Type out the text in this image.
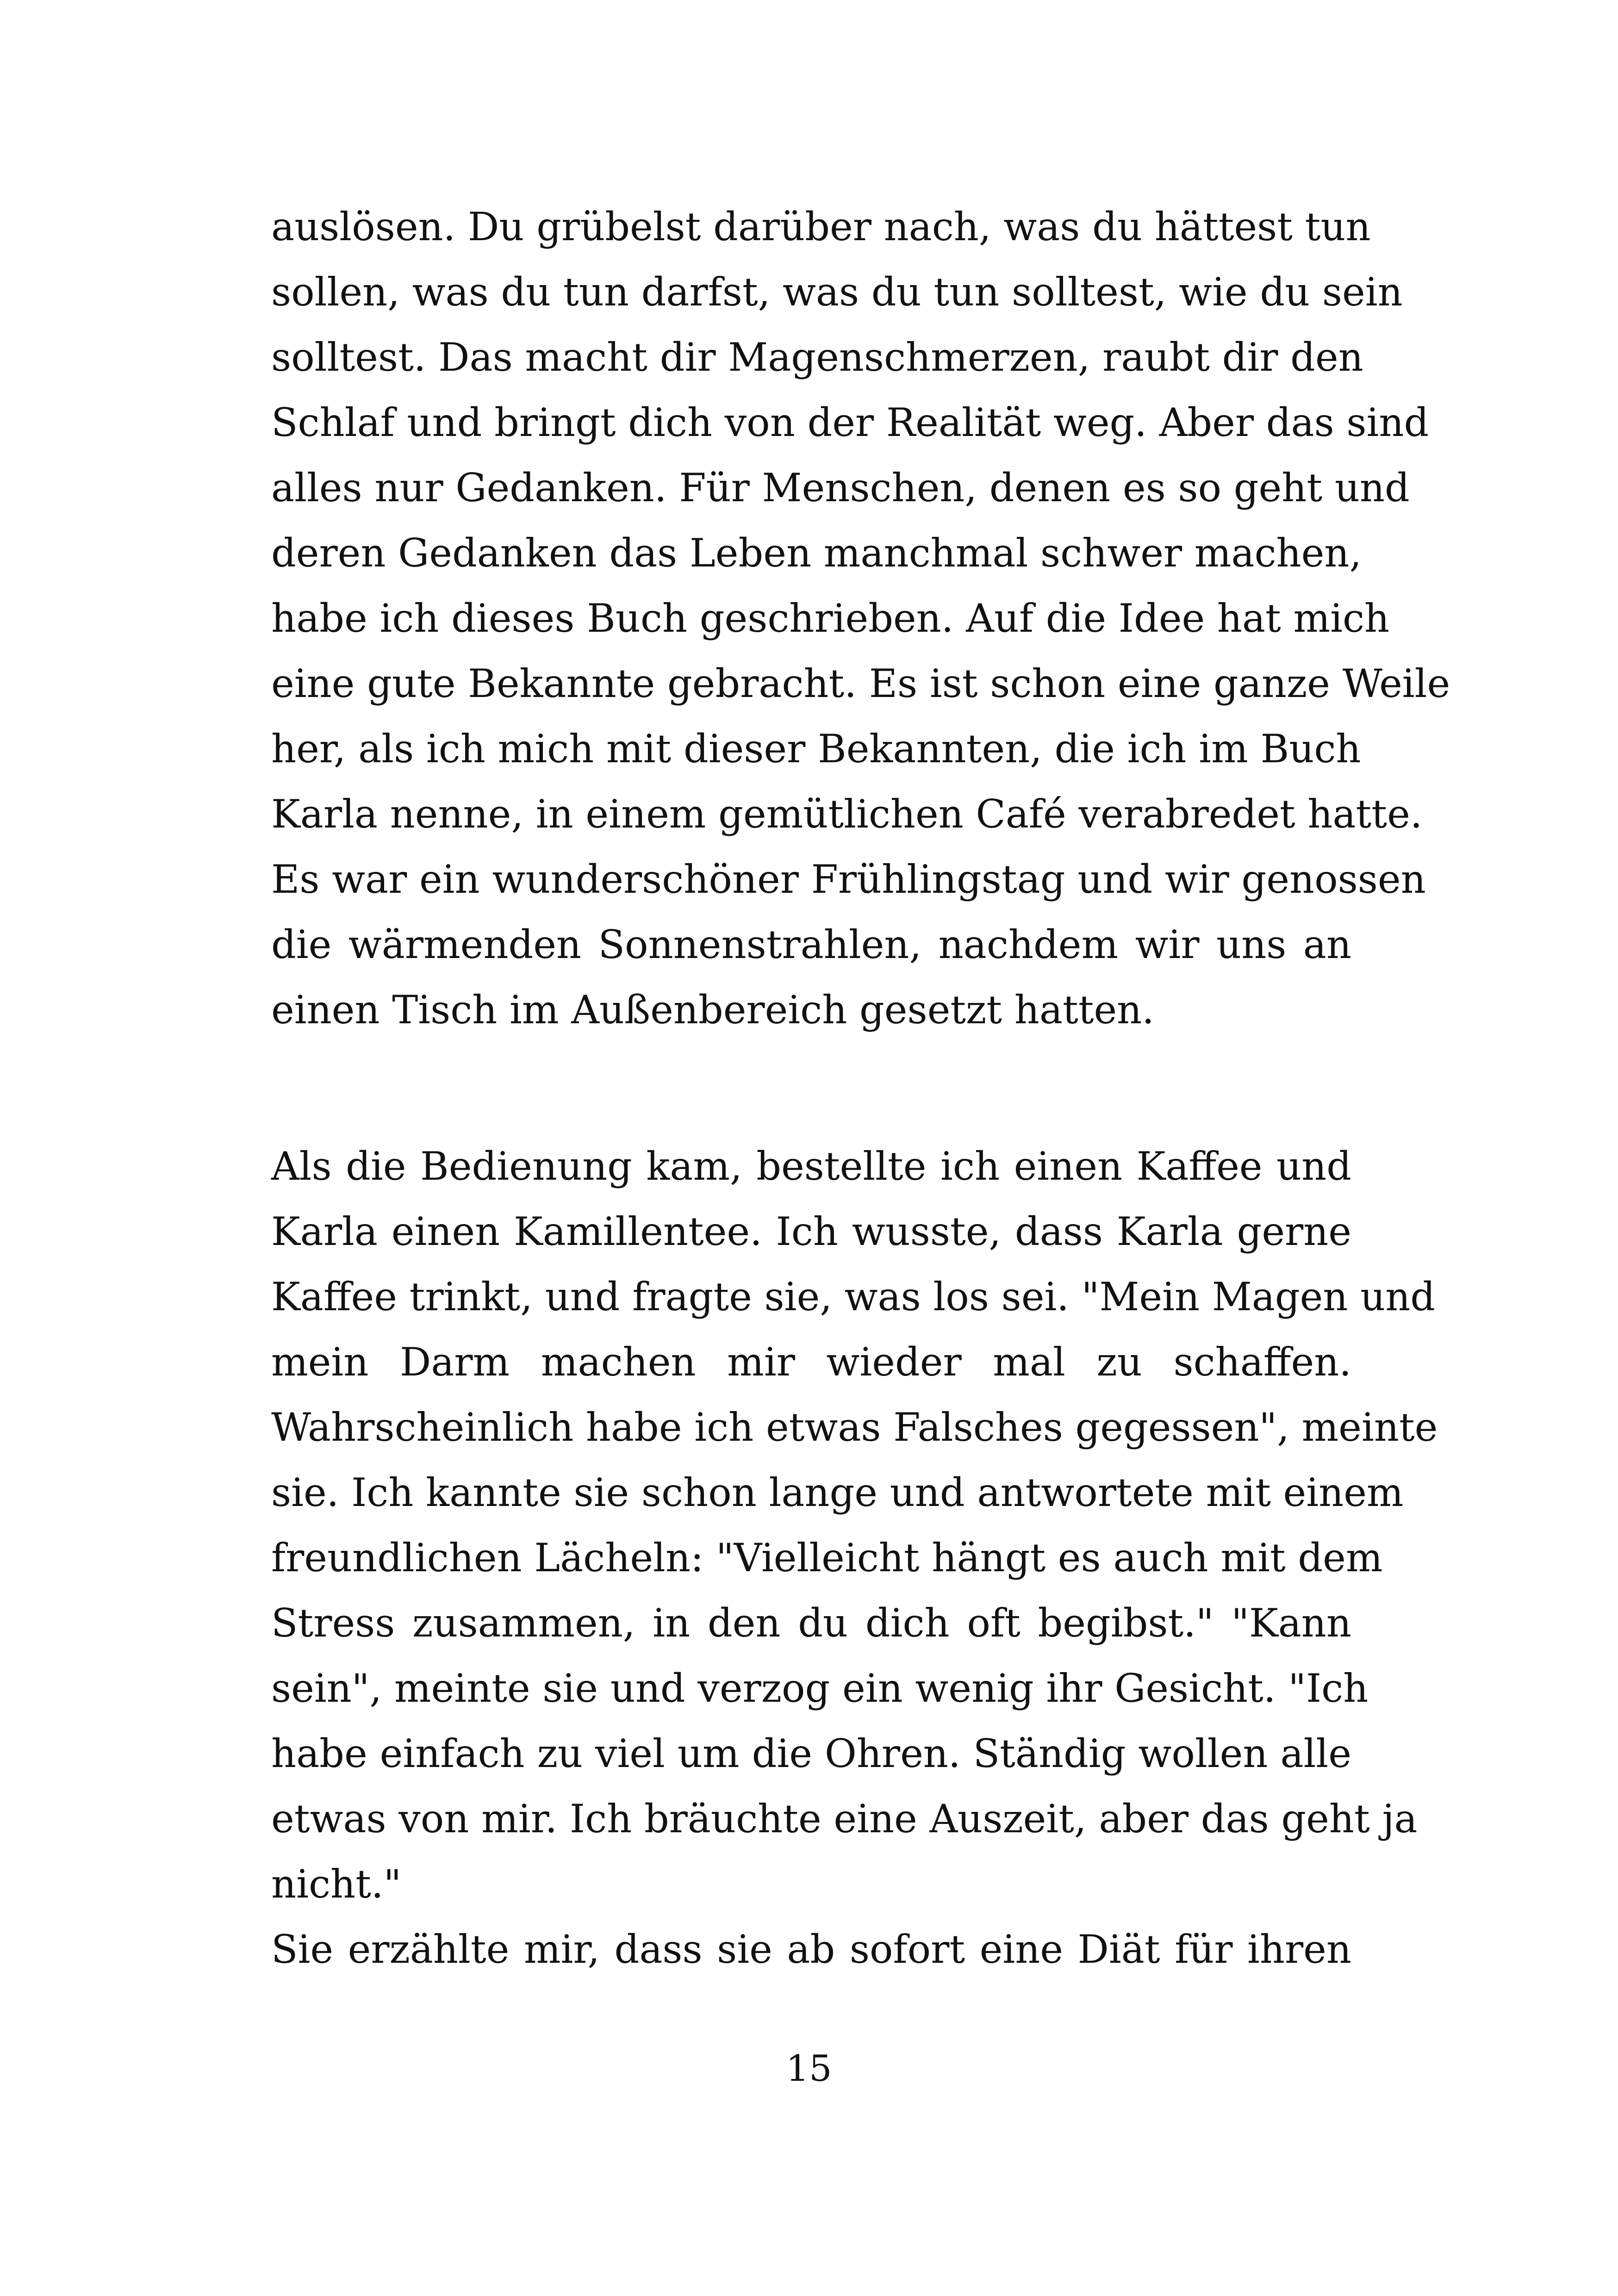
auslösen. Du grübelst darüber nach, was du hättest tun
sollen, was du tun darfst, was du tun solltest, wie du sein
solltest. Das macht dir Magenschmerzen, raubt dir den
Schlaf und bringt dich von der Realität weg. Aber das sind
alles nur Gedanken. Für Menschen, denen es so geht und
deren Gedanken das Leben manchmal schwer machen,
habe ich dieses Buch geschrieben. Auf die Idee hat mich
eine gute Bekannte gebracht. Es ist schon eine ganze Weile
her, als ich mich mit dieser Bekannten, die ich im Buch
Karla nenne, in einem gemütlichen Café verabredet hatte.
Es war ein wunderschöner Frühlingstag und wir genossen
die wärmenden Sonnenstrahlen, nachdem wir uns an
einen Tisch im Außenbereich gesetzt hatten.
Als die Bedienung kam, bestellte ich einen Kaffee und
Karla einen Kamillentee. Ich wusste, dass Karla gerne
Kaffee trinkt, und fragte sie, was los sei. "Mein Magen und
mein Darm machen mir wieder mal zu schaffen.
Wahrscheinlich habe ich etwas Falsches gegessen", meinte
sie. Ich kannte sie schon lange und antwortete mit einem
freundlichen Lächeln: "Vielleicht hängt es auch mit dem
Stress zusammen, in den du dich oft begibst." "Kann
sein", meinte sie und verzog ein wenig ihr Gesicht. "Ich
habe einfach zu viel um die Ohren. Ständig wollen alle
etwas von mir. Ich bräuchte eine Auszeit, aber das geht ja
nicht."
Sie erzählte mir, dass sie ab sofort eine Diät für ihren
15
